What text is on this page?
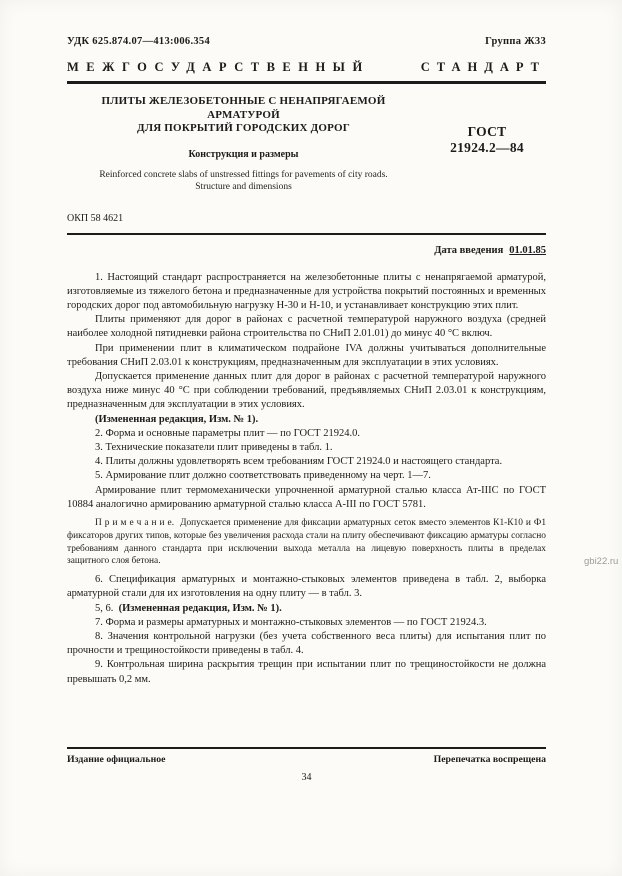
УДК 625.874.07—413:006.354	Группа Ж33
МЕЖГОСУДАРСТВЕННЫЙ	СТАНДАРТ
ПЛИТЫ ЖЕЛЕЗОБЕТОННЫЕ С НЕНАПРЯГАЕМОЙ АРМАТУРОЙ
ДЛЯ ПОКРЫТИЙ ГОРОДСКИХ ДОРОГ
Конструкция и размеры
Reinforced concrete slabs of unstressed fittings for pavements of city roads.
Structure and dimensions
ГОСТ
21924.2—84
ОКП 58 4621
Дата введения 01.01.85

1. Настоящий стандарт распространяется на железобетонные плиты с ненапрягаемой арматурой, изготовляемые из тяжелого бетона и предназначенные для устройства покрытий постоянных и временных городских дорог под автомобильную нагрузку Н-30 и Н-10, и устанавливает конструкцию этих плит.

Плиты применяют для дорог в районах с расчетной температурой наружного воздуха (средней наиболее холодной пятидневки района строительства по СНиП 2.01.01) до минус 40 °С включ.

При применении плит в климатическом подрайоне IVA должны учитываться дополнительные требования СНиП 2.03.01 к конструкциям, предназначенным для эксплуатации в этих условиях.

Допускается применение данных плит для дорог в районах с расчетной температурой наружного воздуха ниже минус 40 °С при соблюдении требований, предъявляемых СНиП 2.03.01 к конструкциям, предназначенным для эксплуатации в этих условиях.

(Измененная редакция, Изм. № 1).

2. Форма и основные параметры плит — по ГОСТ 21924.0.

3. Технические показатели плит приведены в табл. 1.

4. Плиты должны удовлетворять всем требованиям ГОСТ 21924.0 и настоящего стандарта.

5. Армирование плит должно соответствовать приведенному на черт. 1—7.

Армирование плит термомеханически упрочненной арматурной сталью класса Ат-IIIС по ГОСТ 10884 аналогично армированию арматурной сталью класса А-III по ГОСТ 5781.

П р и м е ч а н и е.  Допускается применение для фиксации арматурных сеток вместо элементов К1-К10 и Ф1 фиксаторов других типов, которые без увеличения расхода стали на плиту обеспечивают фиксацию арматуры согласно требованиям данного стандарта при исключении выхода металла на лицевую поверхность плиты в пределах защитного слоя бетона.

6. Спецификация арматурных и монтажно-стыковых элементов приведена в табл. 2, выборка арматурной стали для их изготовления на одну плиту — в табл. 3.

5, 6.  (Измененная редакция, Изм. № 1).

7. Форма и размеры арматурных и монтажно-стыковых элементов — по ГОСТ 21924.3.

8. Значения контрольной нагрузки (без учета собственного веса плиты) для испытания плит по прочности и трещиностойкости приведены в табл. 4.

9. Контрольная ширина раскрытия трещин при испытании плит по трещиностойкости не должна превышать 0,2 мм.

Издание официальное	Перепечатка воспрещена
34
gbi22.ru
